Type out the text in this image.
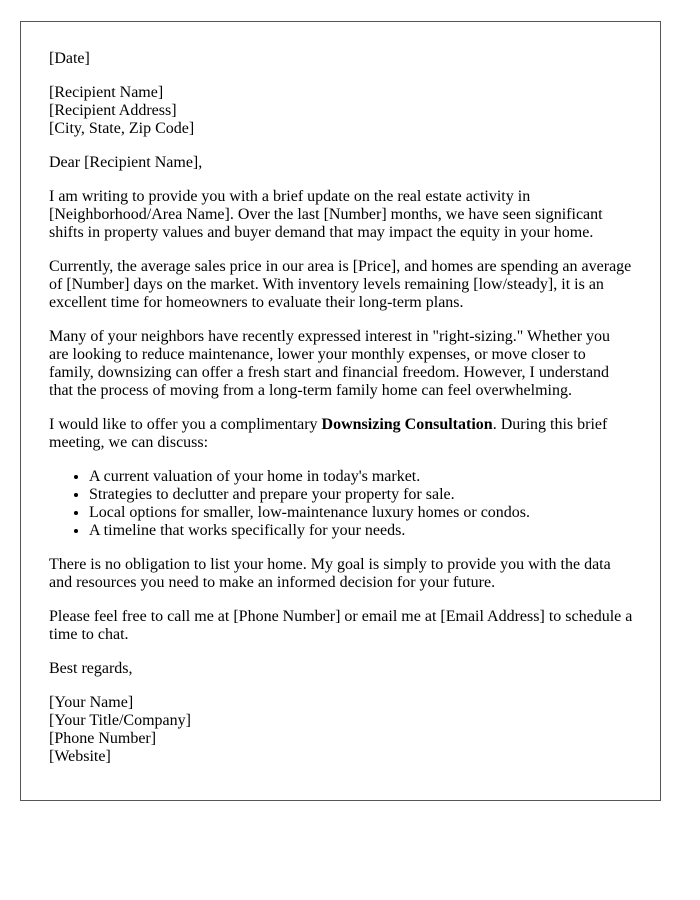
[Date]

[Recipient Name]
[Recipient Address]
[City, State, Zip Code]

Dear [Recipient Name],

I am writing to provide you with a brief update on the real estate activity in
[Neighborhood/Area Name]. Over the last [Number] months, we have seen significant
shifts in property values and buyer demand that may impact the equity in your home.

Currently, the average sales price in our area is [Price], and homes are spending an average
of [Number] days on the market. With inventory levels remaining [low/steady], it is an
excellent time for homeowners to evaluate their long-term plans.

Many of your neighbors have recently expressed interest in "right-sizing." Whether you
are looking to reduce maintenance, lower your monthly expenses, or move closer to
family, downsizing can offer a fresh start and financial freedom. However, I understand
that the process of moving from a long-term family home can feel overwhelming.

I would like to offer you a complimentary Downsizing Consultation. During this brief
meeting, we can discuss:

• A current valuation of your home in today's market.
• Strategies to declutter and prepare your property for sale.
• Local options for smaller, low-maintenance luxury homes or condos.
• A timeline that works specifically for your needs.

There is no obligation to list your home. My goal is simply to provide you with the data
and resources you need to make an informed decision for your future.

Please feel free to call me at [Phone Number] or email me at [Email Address] to schedule a
time to chat.

Best regards,

[Your Name]
[Your Title/Company]
[Phone Number]
[Website]
